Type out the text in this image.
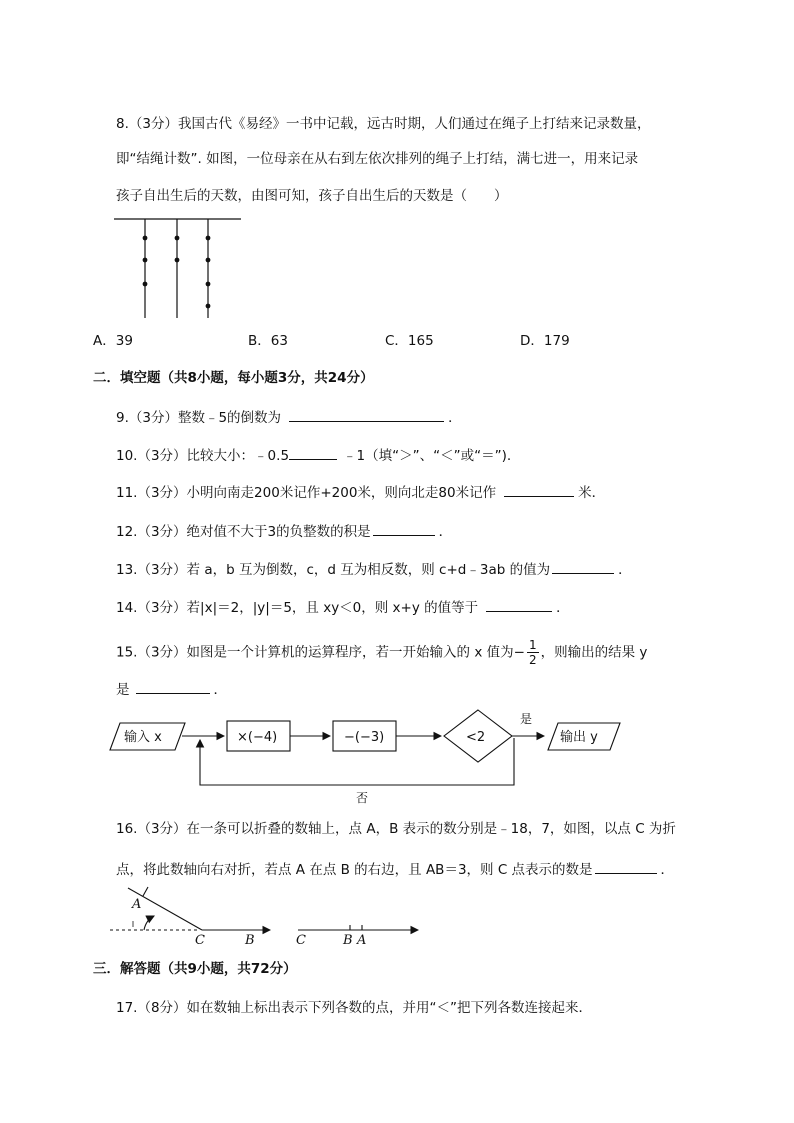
8.（3分）我国古代《易经》一书中记载，远古时期，人们通过在绳子上打结来记录数量，
即“结绳计数”. 如图，一位母亲在从右到左依次排列的绳子上打结，满七进一，用来记录
孩子自出生后的天数，由图可知，孩子自出生后的天数是（　　）
A．39	B．63	C．165	D．179
二．填空题（共8小题，每小题3分，共24分）
9.（3分）整数﹣5的倒数为	．
10.（3分）比较大小：﹣0.5	﹣1（填“＞”、“＜”或“＝”).
11.（3分）小明向南走200米记作+200米，则向北走80米记作	米．
12.（3分）绝对值不大于3的负整数的积是	．
13.（3分）若 a，b 互为倒数，c，d 互为相反数，则 c+d﹣3ab 的值为	．
14.（3分）若|x|＝2，|y|＝5，且 xy＜0，则 x+y 的值等于	．
15.（3分）如图是一个计算机的运算程序，若一开始输入的 x 值为− $\frac{1}{2}$ ，则输出的结果 y
是	．
输入 x	×(−4)	−(−3)	<2
是
输出 y
否
16.（3分）在一条可以折叠的数轴上，点 A，B 表示的数分别是﹣18，7，如图，以点 C 为折
点，将此数轴向右对折，若点 A 在点 B 的右边，且 AB＝3，则 C 点表示的数是	．
A
C	B	C	B A
三．解答题（共9小题，共72分）
17.（8分）如在数轴上标出表示下列各数的点，并用“＜”把下列各数连接起来．
